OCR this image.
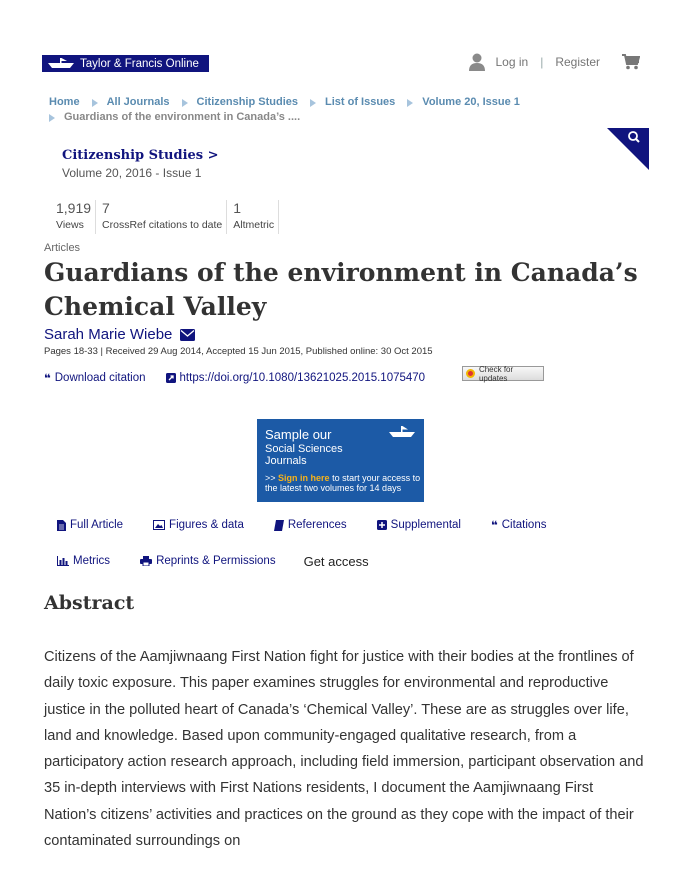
Taylor & Francis Online	Log in | Register
Home All Journals Citizenship Studies List of Issues Volume 20, Issue 1
Guardians of the environment in Canada’s ....
Citizenship Studies >
Volume 20, 2016 - Issue 1
1,919
Views
7
CrossRef citations to date
1
Altmetric
Articles
Guardians of the environment in Canada’s Chemical Valley
Sarah Marie Wiebe
Pages 18-33 | Received 29 Aug 2014, Accepted 15 Jun 2015, Published online: 30 Oct 2015
❝ Download citation	https://doi.org/10.1080/13621025.2015.1075470
Check for updates
Sample our
Social Sciences
Journals
>> Sign in here to start your access to the latest two volumes for 14 days
Full Article	Figures & data	References	Supplemental	❝ Citations
Metrics	Reprints & Permissions Get access
Abstract

Citizens of the Aamjiwnaang First Nation fight for justice with their bodies at the frontlines of daily toxic exposure. This paper examines struggles for environmental and reproductive justice in the polluted heart of Canada’s ‘Chemical Valley’. These are as struggles over life, land and knowledge. Based upon community-engaged qualitative research, from a participatory action research approach, including field immersion, participant observation and 35 in-depth interviews with First Nations residents, I document the Aamjiwnaang First Nation’s citizens’ activities and practices on the ground as they cope with the impact of their contaminated surroundings on
